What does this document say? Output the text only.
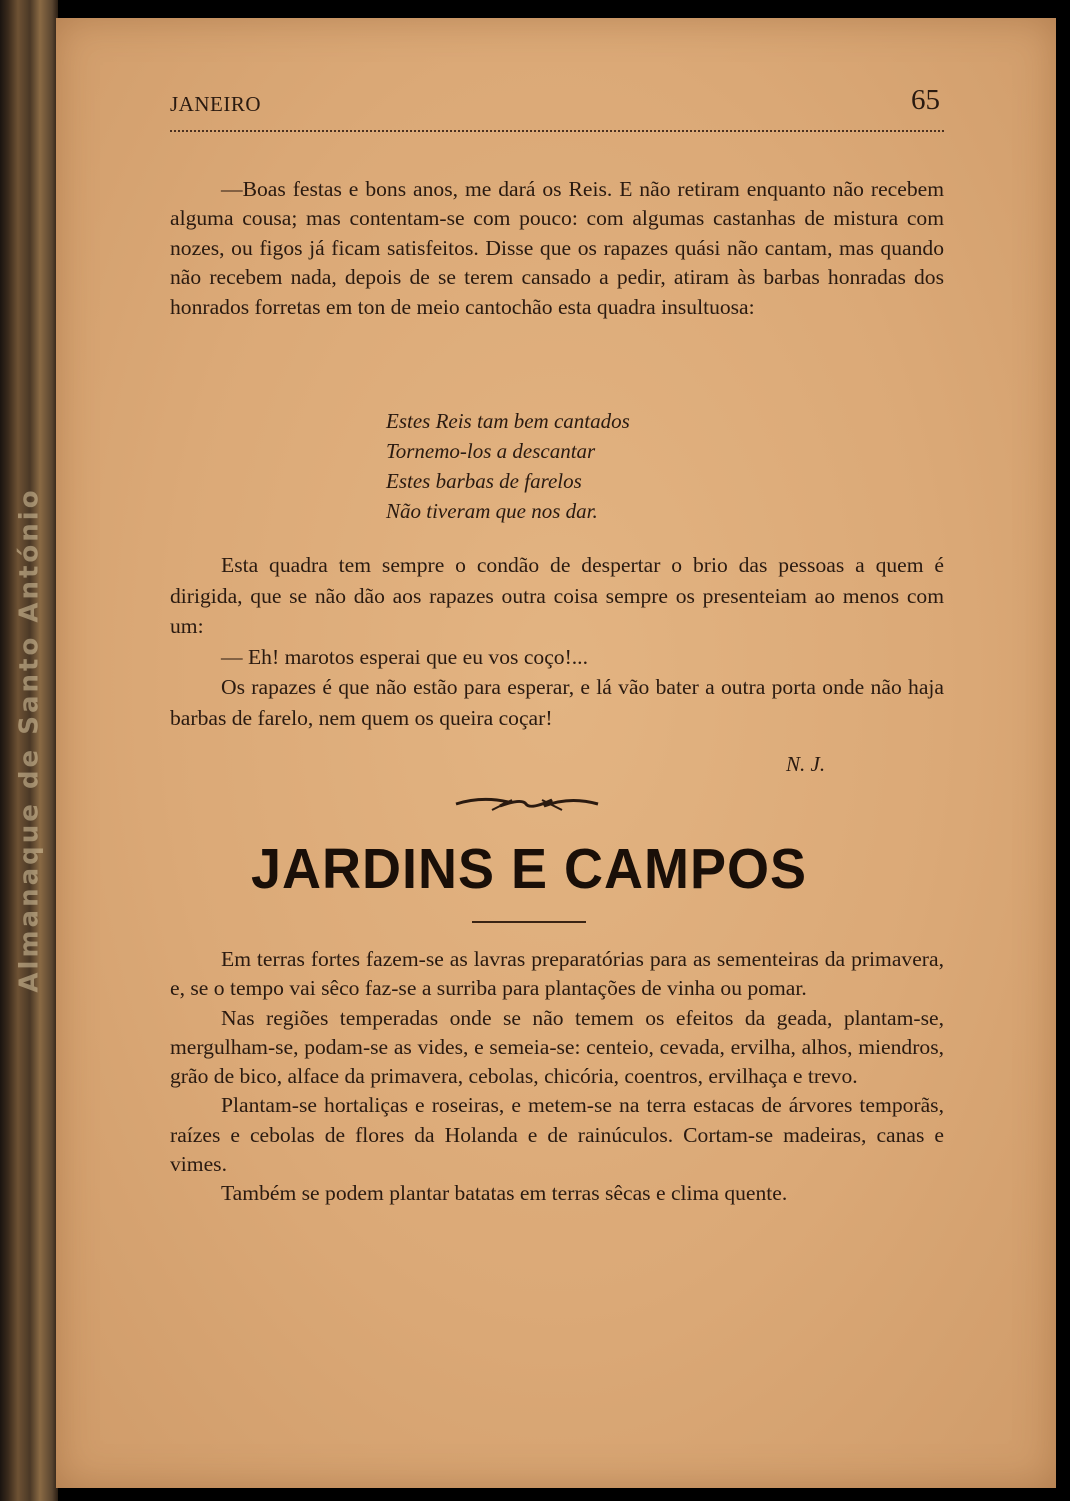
Almanaque de Santo António
JANEIRO	65

—Boas festas e bons anos, me dará os Reis. E não retiram enquanto não recebem alguma cousa; mas contentam-se com pouco: com algumas castanhas de mistura com nozes, ou figos já ficam satisfeitos. Disse que os rapazes quási não cantam, mas quando não recebem nada, depois de se terem cansado a pedir, atiram às barbas honradas dos honrados forretas em ton de meio cantochão esta quadra insultuosa:

Estes Reis tam bem cantados
Tornemo-los a descantar
Estes barbas de farelos
Não tiveram que nos dar.

Esta quadra tem sempre o condão de despertar o brio das pessoas a quem é dirigida, que se não dão aos rapazes outra coisa sempre os presenteiam ao menos com um:

— Eh! marotos esperai que eu vos coço!...

Os rapazes é que não estão para esperar, e lá vão bater a outra porta onde não haja barbas de farelo, nem quem os queira coçar!

N. J.
JARDINS E CAMPOS

Em terras fortes fazem-se as lavras preparatórias para as sementeiras da primavera, e, se o tempo vai sêco faz-se a surriba para plantações de vinha ou pomar.

Nas regiões temperadas onde se não temem os efeitos da geada, plantam-se, mergulham-se, podam-se as vides, e semeia-se: centeio, cevada, ervilha, alhos, miendros, grão de bico, alface da primavera, cebolas, chicória, coentros, ervilhaça e trevo.

Plantam-se hortaliças e roseiras, e metem-se na terra estacas de árvores temporãs, raízes e cebolas de flores da Holanda e de rainúculos. Cortam-se madeiras, canas e vimes.

Também se podem plantar batatas em terras sêcas e clima quente.
